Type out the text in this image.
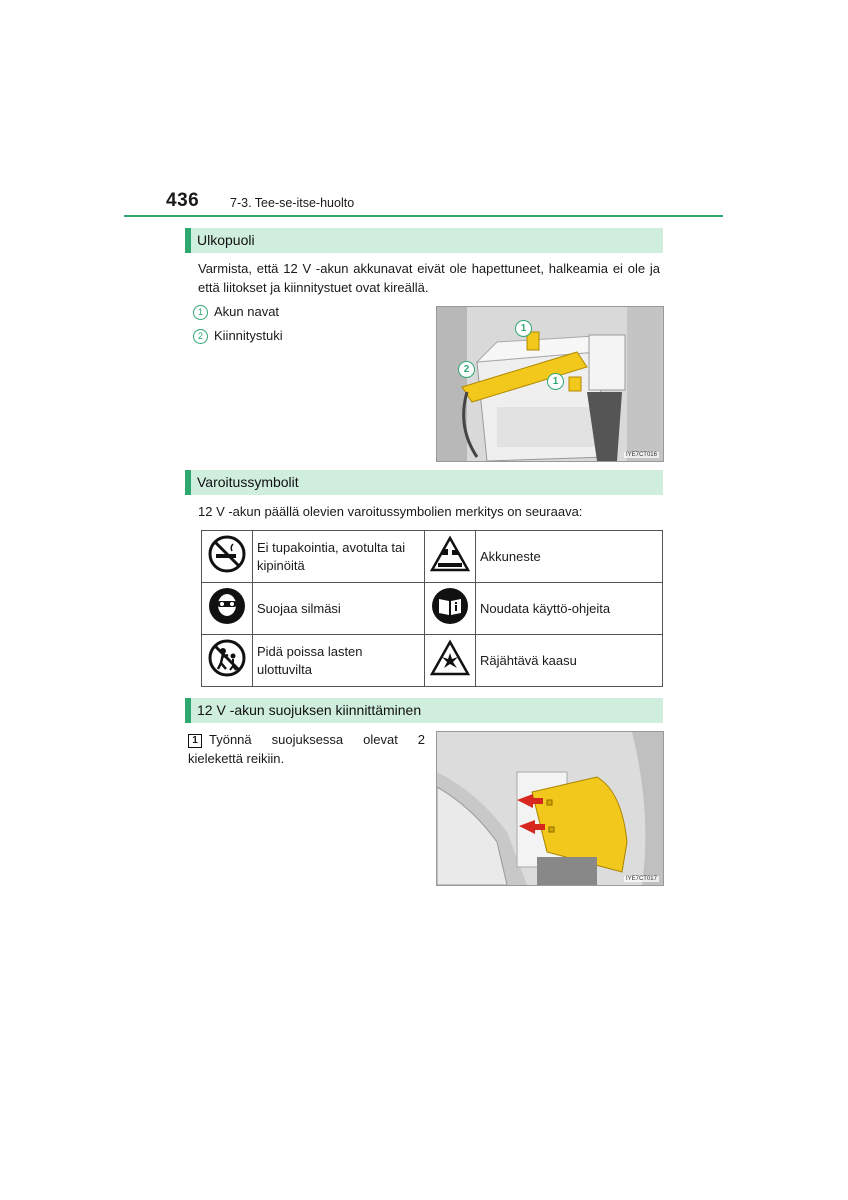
436 7-3. Tee-se-itse-huolto
Ulkopuoli
Varmista, että 12 V -akun akkunavat eivät ole hapettuneet, halkeamia ei ole ja että liitokset ja kiinnitystuet ovat kireällä.
1 Akun navat
2 Kiinnitystuki	1
2
1
IYE7CT016
Varoitussymbolit
12 V -akun päällä olevien varoitussymbolien merkitys on seuraava:
	Ei tupakointia, avotulta tai kipinöitä		Akkuneste
	Suojaa silmäsi		Noudata käyttö-ohjeita
	Pidä poissa lasten ulottuvilta		Räjähtävä kaasu
12 V -akun suojuksen kiinnittäminen
1 Työnnä suojuksessa olevat 2 kielekettä reikiin.
IYE7CT017
